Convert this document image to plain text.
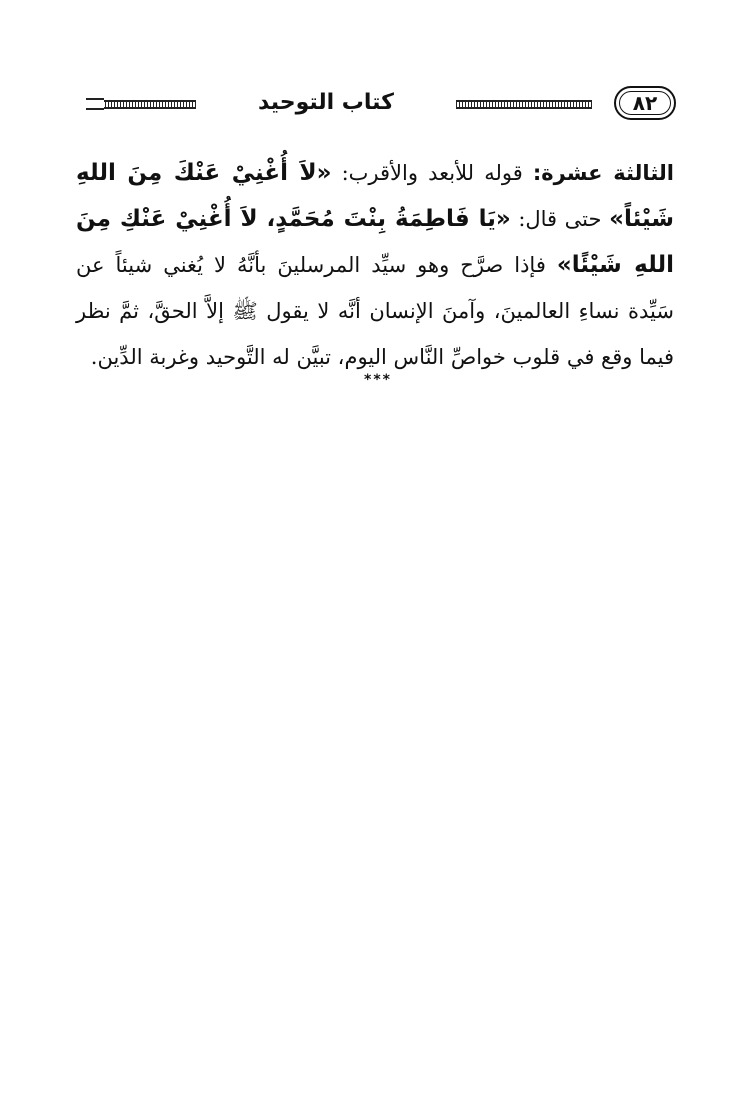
كتاب التوحيد	٨٢

الثالثة عشرة: قوله للأبعد والأقرب: «لاَ أُغْنِيْ عَنْكَ مِنَ اللهِ شَيْئاً» حتى قال: «يَا فَاطِمَةُ بِنْتَ مُحَمَّدٍ، لاَ أُغْنِيْ عَنْكِ مِنَ اللهِ شَيْئًا» فإذا صرَّح وهو سيِّد المرسلينَ بأنَّهُ لا يُغني شيئاً عن سَيِّدة نساءِ العالمينَ، وآمنَ الإنسان أنَّه لا يقول ﷺ إلاَّ الحقَّ، ثمَّ نظر فيما وقع في قلوب خواصِّ النَّاس اليوم، تبيَّن له التَّوحيد وغربة الدِّين.

***
